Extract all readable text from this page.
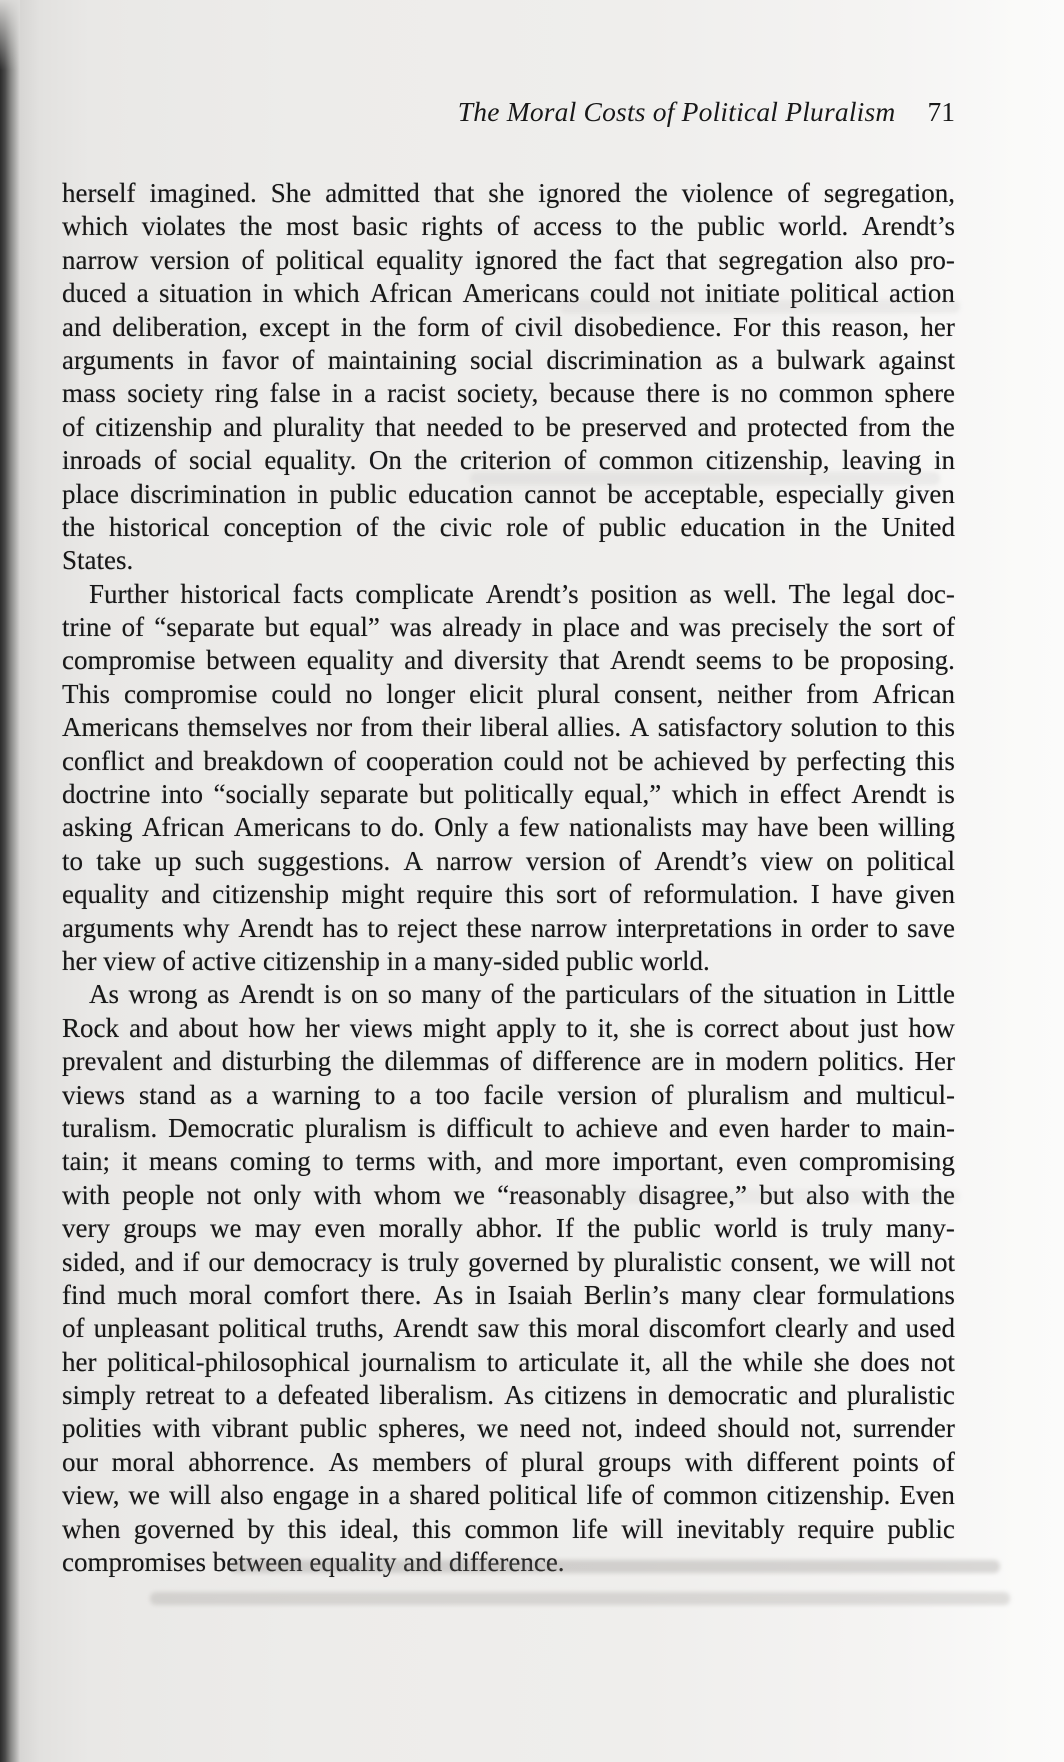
The Moral Costs of Political Pluralism 71
herself imagined. She admitted that she ignored the violence of segregation,
which violates the most basic rights of access to the public world. Arendt’s
narrow version of political equality ignored the fact that segregation also pro-
duced a situation in which African Americans could not initiate political action
and deliberation, except in the form of civil disobedience. For this reason, her
arguments in favor of maintaining social discrimination as a bulwark against
mass society ring false in a racist society, because there is no common sphere
of citizenship and plurality that needed to be preserved and protected from the
inroads of social equality. On the criterion of common citizenship, leaving in
place discrimination in public education cannot be acceptable, especially given
the historical conception of the civic role of public education in the United
States.
Further historical facts complicate Arendt’s position as well. The legal doc-
trine of “separate but equal” was already in place and was precisely the sort of
compromise between equality and diversity that Arendt seems to be proposing.
This compromise could no longer elicit plural consent, neither from African
Americans themselves nor from their liberal allies. A satisfactory solution to this
conflict and breakdown of cooperation could not be achieved by perfecting this
doctrine into “socially separate but politically equal,” which in effect Arendt is
asking African Americans to do. Only a few nationalists may have been willing
to take up such suggestions. A narrow version of Arendt’s view on political
equality and citizenship might require this sort of reformulation. I have given
arguments why Arendt has to reject these narrow interpretations in order to save
her view of active citizenship in a many-sided public world.
As wrong as Arendt is on so many of the particulars of the situation in Little
Rock and about how her views might apply to it, she is correct about just how
prevalent and disturbing the dilemmas of difference are in modern politics. Her
views stand as a warning to a too facile version of pluralism and multicul-
turalism. Democratic pluralism is difficult to achieve and even harder to main-
tain; it means coming to terms with, and more important, even compromising
with people not only with whom we “reasonably disagree,” but also with the
very groups we may even morally abhor. If the public world is truly many-
sided, and if our democracy is truly governed by pluralistic consent, we will not
find much moral comfort there. As in Isaiah Berlin’s many clear formulations
of unpleasant political truths, Arendt saw this moral discomfort clearly and used
her political-philosophical journalism to articulate it, all the while she does not
simply retreat to a defeated liberalism. As citizens in democratic and pluralistic
polities with vibrant public spheres, we need not, indeed should not, surrender
our moral abhorrence. As members of plural groups with different points of
view, we will also engage in a shared political life of common citizenship. Even
when governed by this ideal, this common life will inevitably require public
compromises between equality and difference.
